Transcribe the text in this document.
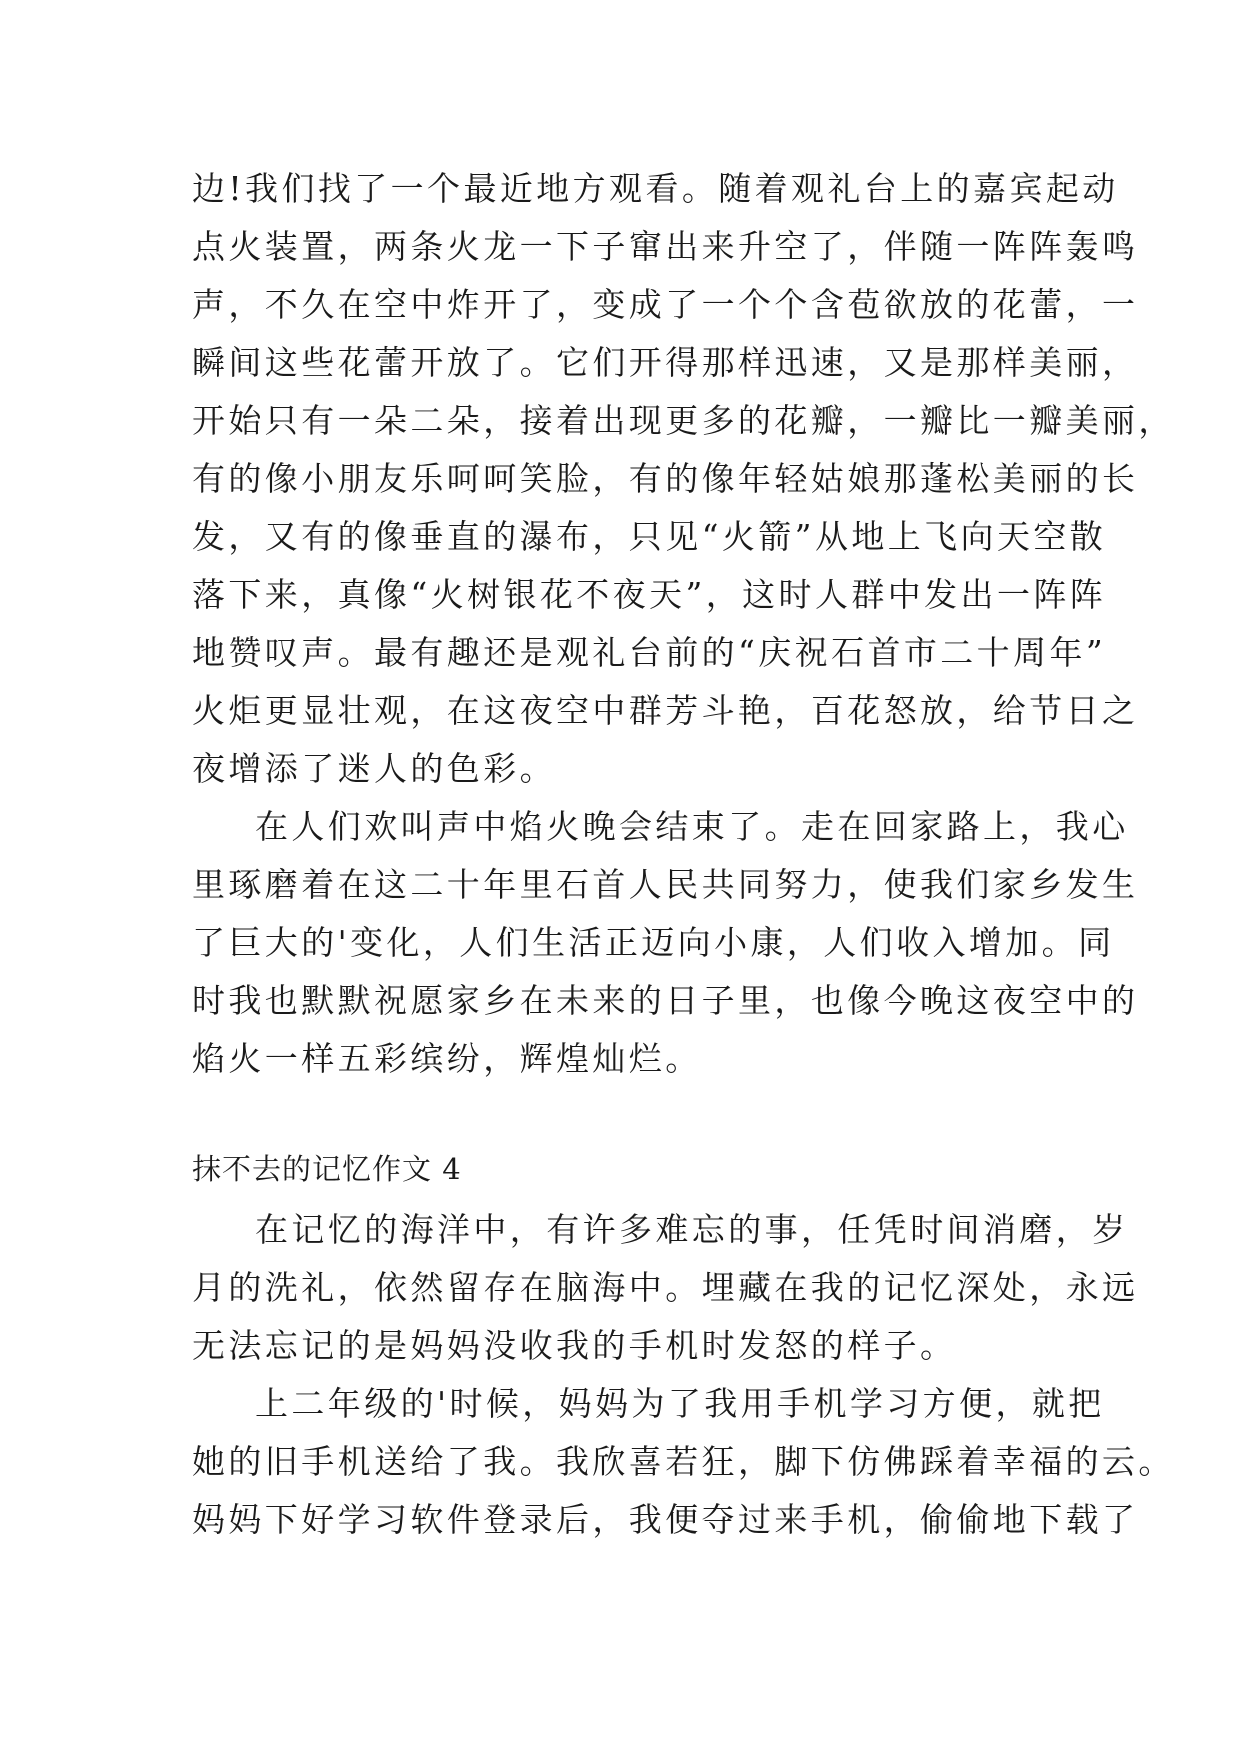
边!我们找了一个最近地方观看。随着观礼台上的嘉宾起动
点火装置，两条火龙一下子窜出来升空了，伴随一阵阵轰鸣
声，不久在空中炸开了，变成了一个个含苞欲放的花蕾，一
瞬间这些花蕾开放了。它们开得那样迅速，又是那样美丽，
开始只有一朵二朵，接着出现更多的花瓣，一瓣比一瓣美丽，
有的像小朋友乐呵呵笑脸，有的像年轻姑娘那蓬松美丽的长
发，又有的像垂直的瀑布，只见“火箭”从地上飞向天空散
落下来，真像“火树银花不夜天”，这时人群中发出一阵阵
地赞叹声。最有趣还是观礼台前的“庆祝石首市二十周年”
火炬更显壮观，在这夜空中群芳斗艳，百花怒放，给节日之
夜增添了迷人的色彩。
在人们欢叫声中焰火晚会结束了。走在回家路上，我心
里琢磨着在这二十年里石首人民共同努力，使我们家乡发生
了巨大的'变化，人们生活正迈向小康，人们收入增加。同
时我也默默祝愿家乡在未来的日子里，也像今晚这夜空中的
焰火一样五彩缤纷，辉煌灿烂。
抹不去的记忆作文 4
在记忆的海洋中，有许多难忘的事，任凭时间消磨，岁
月的洗礼，依然留存在脑海中。埋藏在我的记忆深处，永远
无法忘记的是妈妈没收我的手机时发怒的样子。
上二年级的'时候，妈妈为了我用手机学习方便，就把
她的旧手机送给了我。我欣喜若狂，脚下仿佛踩着幸福的云。
妈妈下好学习软件登录后，我便夺过来手机，偷偷地下载了
